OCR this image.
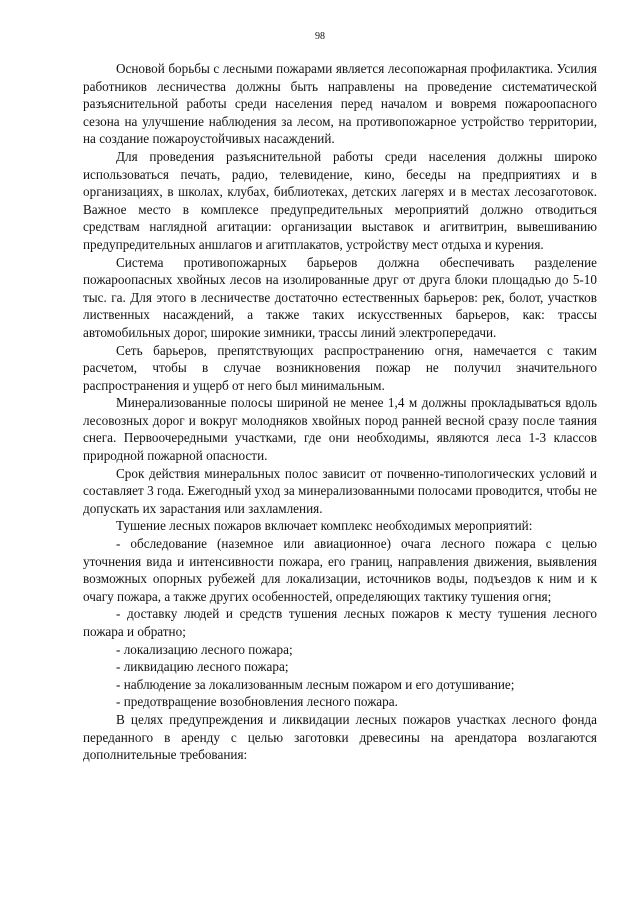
98

Основой борьбы с лесными пожарами является лесопожарная профилактика. Усилия работников лесничества должны быть направлены на проведение систематической разъяснительной работы среди населения перед началом и вовремя пожароопасного сезона на улучшение наблюдения за лесом, на противопожарное устройство территории, на создание пожароустойчивых насаждений.

Для проведения разъяснительной работы среди населения должны широко использоваться печать, радио, телевидение, кино, беседы на предприятиях и в организациях, в школах, клубах, библиотеках, детских лагерях и в местах лесозаготовок. Важное место в комплексе предупредительных мероприятий должно отводиться средствам наглядной агитации: организации выставок и агитвитрин, вывешиванию предупредительных аншлагов и агитплакатов, устройству мест отдыха и курения.

Система противопожарных барьеров должна обеспечивать разделение пожароопасных хвойных лесов на изолированные друг от друга блоки площадью до 5-10 тыс. га. Для этого в лесничестве достаточно естественных барьеров: рек, болот, участков лиственных насаждений, а также таких искусственных барьеров, как: трассы автомобильных дорог, широкие зимники, трассы линий электропередачи.

Сеть барьеров, препятствующих распространению огня, намечается с таким расчетом, чтобы в случае возникновения пожар не получил значительного распространения и ущерб от него был минимальным.

Минерализованные полосы шириной не менее 1,4 м должны прокладываться вдоль лесовозных дорог и вокруг молодняков хвойных пород ранней весной сразу после таяния снега. Первоочередными участками, где они необходимы, являются леса 1-3 классов природной пожарной опасности.

Срок действия минеральных полос зависит от почвенно-типологических условий и составляет 3 года. Ежегодный уход за минерализованными полосами проводится, чтобы не допускать их зарастания или захламления.

Тушение лесных пожаров включает комплекс необходимых мероприятий:

- обследование (наземное или авиационное) очага лесного пожара с целью уточнения вида и интенсивности пожара, его границ, направления движения, выявления возможных опорных рубежей для локализации, источников воды, подъездов к ним и к очагу пожара, а также других особенностей, определяющих тактику тушения огня;

- доставку людей и средств тушения лесных пожаров к месту тушения лесного пожара и обратно;

- локализацию лесного пожара;

- ликвидацию лесного пожара;

- наблюдение за локализованным лесным пожаром и его дотушивание;

- предотвращение возобновления лесного пожара.

В целях предупреждения и ликвидации лесных пожаров участках лесного фонда переданного в аренду с целью заготовки древесины на арендатора возлагаются дополнительные требования:
